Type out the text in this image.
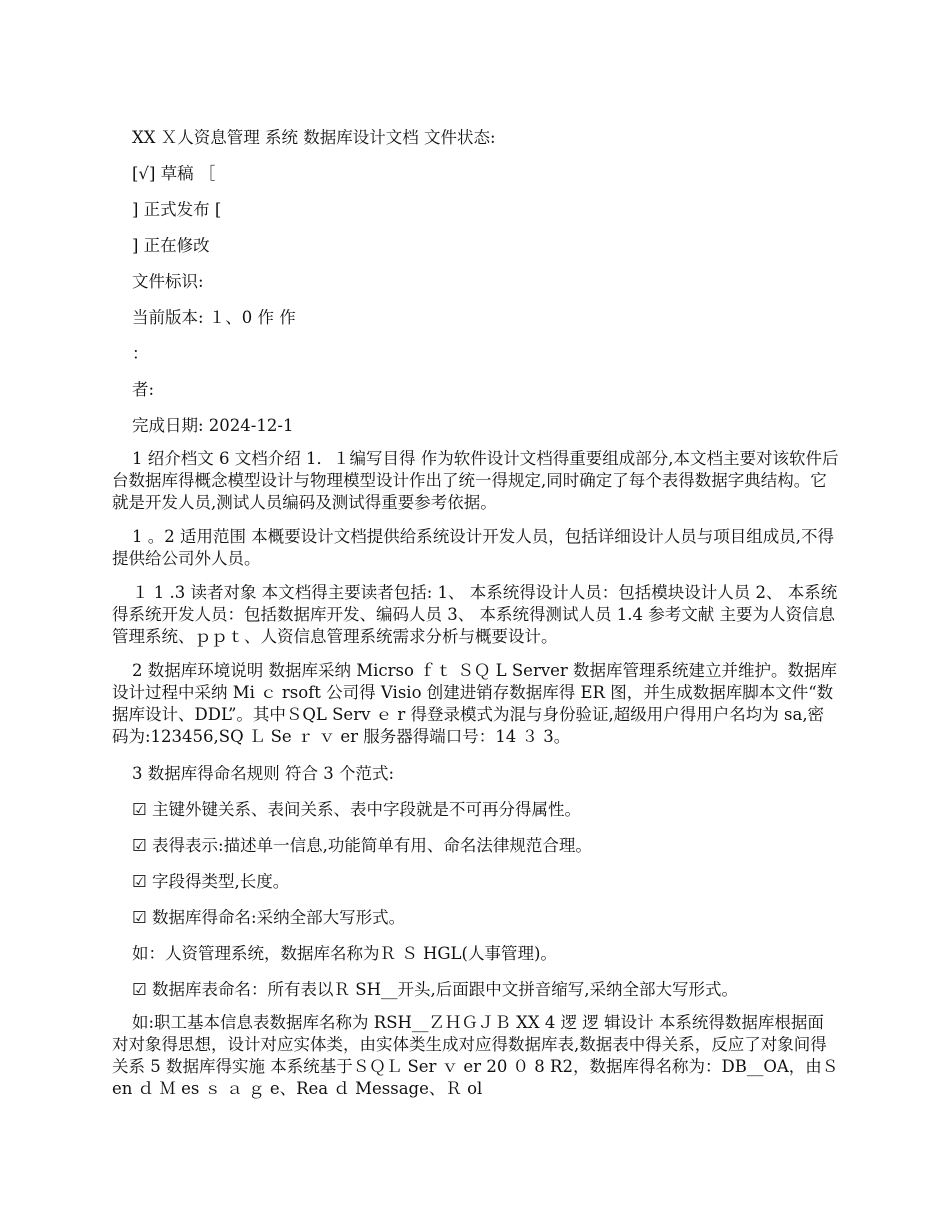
XX Ｘ人资息管理 系统 数据库设计文档 文件状态:
[√] 草稿 ［
] 正式发布 [
] 正在修改
文件标识:
当前版本: １、0 作 作
：
者:
完成日期: 2024-12-1

1 绍介档文 6 文档介绍 1．１编写目得 作为软件设计文档得重要组成部分,本文档主要对该软件后台数据库得概念模型设计与物理模型设计作出了统一得规定,同时确定了每个表得数据字典结构。它就是开发人员,测试人员编码及测试得重要参考依据。

1 。2 适用范围 本概要设计文档提供给系统设计开发人员，包括详细设计人员与项目组成员,不得提供给公司外人员。

１ 1 .3 读者对象 本文档得主要读者包括: 1、 本系统得设计人员：包括模块设计人员 2、 本系统得系统开发人员：包括数据库开发、编码人员 3、 本系统得测试人员 1.4 参考文献 主要为人资信息管理系统、ｐｐｔ、人资信息管理系统需求分析与概要设计。

2 数据库环境说明 数据库采纳 Micrso ｆｔ ＳＱ L Server 数据库管理系统建立并维护。数据库设计过程中采纳 Mi ｃ rsoft 公司得 Visio 创建进销存数据库得 ER 图，并生成数据库脚本文件“数据库设计、DDL”。其中ＳQL Serv ｅ r 得登录模式为混与身份验证,超级用户得用户名均为 sa,密码为:123456,SQ Ｌ Se ｒ ｖ er 服务器得端口号：14 ３ 3。

3 数据库得命名规则 符合 3 个范式:
☑ 主键外键关系、表间关系、表中字段就是不可再分得属性。
☑ 表得表示:描述单一信息,功能简单有用、命名法律规范合理。
☑ 字段得类型,长度。
☑ 数据库得命名:采纳全部大写形式。
如：人资管理系统，数据库名称为Ｒ Ｓ HGL(人事管理)。
☑ 数据库表命名：所有表以Ｒ SH__开头,后面跟中文拼音缩写,采纳全部大写形式。

如:职工基本信息表数据库名称为 RSH__ＺＨＧＪＢ XX 4 逻 逻 辑设计 本系统得数据库根据面对对象得思想，设计对应实体类，由实体类生成对应得数据库表,数据表中得关系，反应了对象间得关系 5 数据库得实施 本系统基于ＳＱＬ Ser ｖ er 20 ０ 8 R2，数据库得名称为：DB__OA，由Ｓ en ｄ Ｍ es ｓ ａ ｇ e、Rea ｄ Message、Ｒ ol
